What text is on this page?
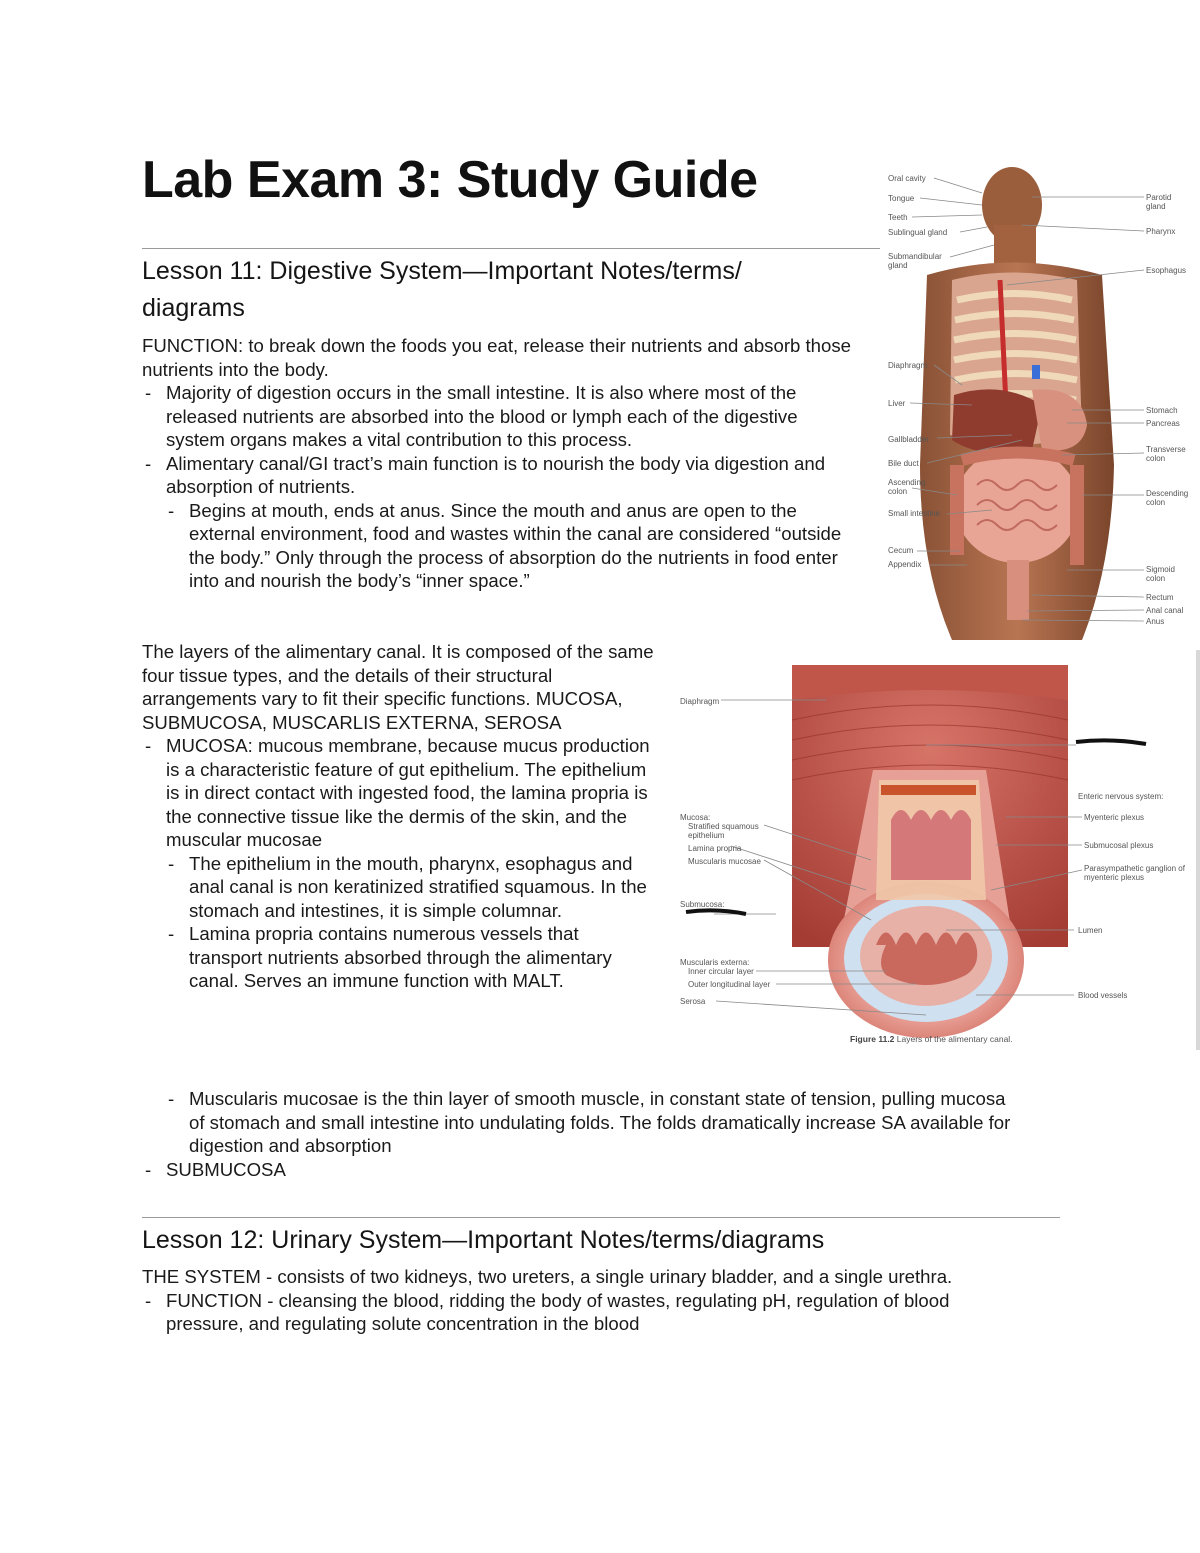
Lab Exam 3: Study Guide
Lesson 11: Digestive System—Important Notes/terms/
diagrams
FUNCTION: to break down the foods you eat, release their nutrients and absorb those nutrients into the body.
- Majority of digestion occurs in the small intestine. It is also where most of the released nutrients are absorbed into the blood or lymph each of the digestive system organs makes a vital contribution to this process.
- Alimentary canal/GI tract’s main function is to nourish the body via digestion and absorption of nutrients.
- Begins at mouth, ends at anus. Since the mouth and anus are open to the external environment, food and wastes within the canal are considered “outside the body.” Only through the process of absorption do the nutrients in food enter into and nourish the body’s “inner space.”
The layers of the alimentary canal. It is composed of the same four tissue types, and the details of their structural arrangements vary to fit their specific functions. MUCOSA, SUBMUCOSA, MUSCARLIS EXTERNA, SEROSA
- MUCOSA: mucous membrane, because mucus production is a characteristic feature of gut epithelium. The epithelium is in direct contact with ingested food, the lamina propria is the connective tissue like the dermis of the skin, and the muscular mucosae
- The epithelium in the mouth, pharynx, esophagus and anal canal is non keratinized stratified squamous. In the stomach and intestines, it is simple columnar.
- Lamina propria contains numerous vessels that transport nutrients absorbed through the alimentary canal. Serves an immune function with MALT.
- Muscularis mucosae is the thin layer of smooth muscle, in constant state of tension, pulling mucosa of stomach and small intestine into undulating folds. The folds dramatically increase SA available for digestion and absorption
- SUBMUCOSA
Lesson 12: Urinary System—Important Notes/terms/diagrams
THE SYSTEM - consists of two kidneys, two ureters, a single urinary bladder, and a single urethra.
- FUNCTION - cleansing the blood, ridding the body of wastes, regulating pH, regulation of blood pressure, and regulating solute concentration in the blood
Oral cavity
Tongue
Teeth
Sublingual gland
Submandibular gland
Diaphragm
Liver
Gallbladder
Bile duct
Ascending colon
Small intestine
Cecum
Appendix
Parotid gland
Pharynx
Esophagus
Stomach
Pancreas
Transverse colon
Descending colon
Sigmoid colon
Rectum
Anal canal
Anus
Diaphragm
Mucosa:
Stratified squamous epithelium
Lamina propria
Muscularis mucosae
Submucosa:
Muscularis externa:
Inner circular layer
Outer longitudinal layer
Serosa
Enteric nervous system:
Myenteric plexus
Submucosal plexus
Parasympathetic ganglion of myenteric plexus
Lumen
Blood vessels
Figure 11.2 Layers of the alimentary canal.
